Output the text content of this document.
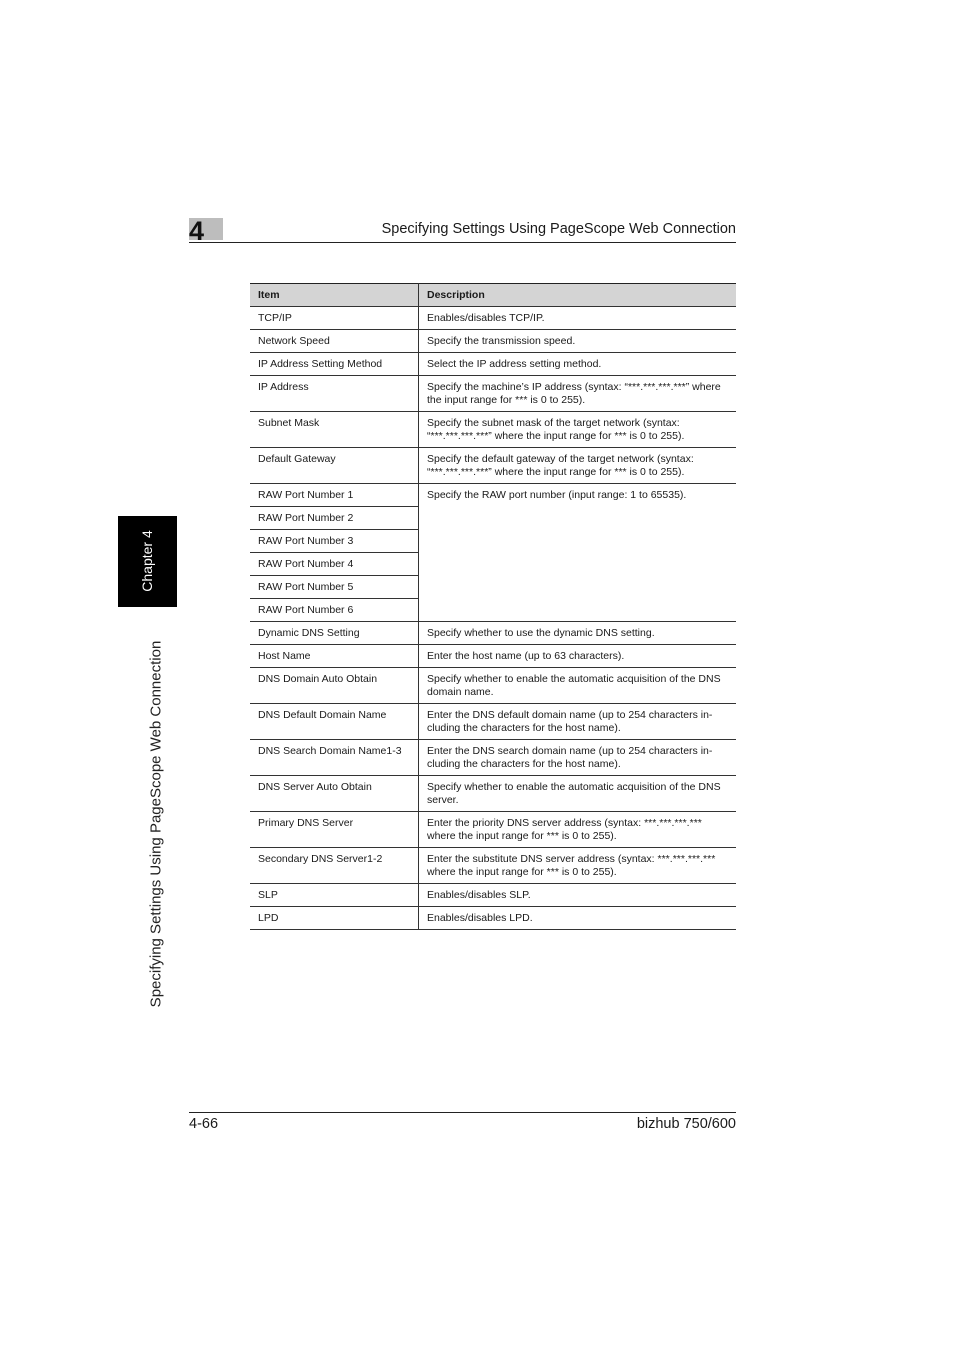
4	Specifying Settings Using PageScope Web Connection
Chapter 4
Specifying Settings Using PageScope Web Connection
Item	Description
TCP/IP	Enables/disables TCP/IP.
Network Speed	Specify the transmission speed.
IP Address Setting Method	Select the IP address setting method.
IP Address	Specify the machine’s IP address (syntax: “***.***.***.***” where the input range for *** is 0 to 255).
Subnet Mask	Specify the subnet mask of the target network (syntax: “***.***.***.***” where the input range for *** is 0 to 255).
Default Gateway	Specify the default gateway of the target network (syntax: “***.***.***.***” where the input range for *** is 0 to 255).
RAW Port Number 1	Specify the RAW port number (input range: 1 to 65535).
RAW Port Number 2	
RAW Port Number 3	
RAW Port Number 4	
RAW Port Number 5	
RAW Port Number 6	
Dynamic DNS Setting	Specify whether to use the dynamic DNS setting.
Host Name	Enter the host name (up to 63 characters).
DNS Domain Auto Obtain	Specify whether to enable the automatic acquisition of the DNS domain name.
DNS Default Domain Name	Enter the DNS default domain name (up to 254 characters in-cluding the characters for the host name).
DNS Search Domain Name1-3	Enter the DNS search domain name (up to 254 characters in-cluding the characters for the host name).
DNS Server Auto Obtain	Specify whether to enable the automatic acquisition of the DNS server.
Primary DNS Server	Enter the priority DNS server address (syntax: ***.***.***.*** where the input range for *** is 0 to 255).
Secondary DNS Server1-2	Enter the substitute DNS server address (syntax: ***.***.***.*** where the input range for *** is 0 to 255).
SLP	Enables/disables SLP.
LPD	Enables/disables LPD.
4-66	bizhub 750/600
